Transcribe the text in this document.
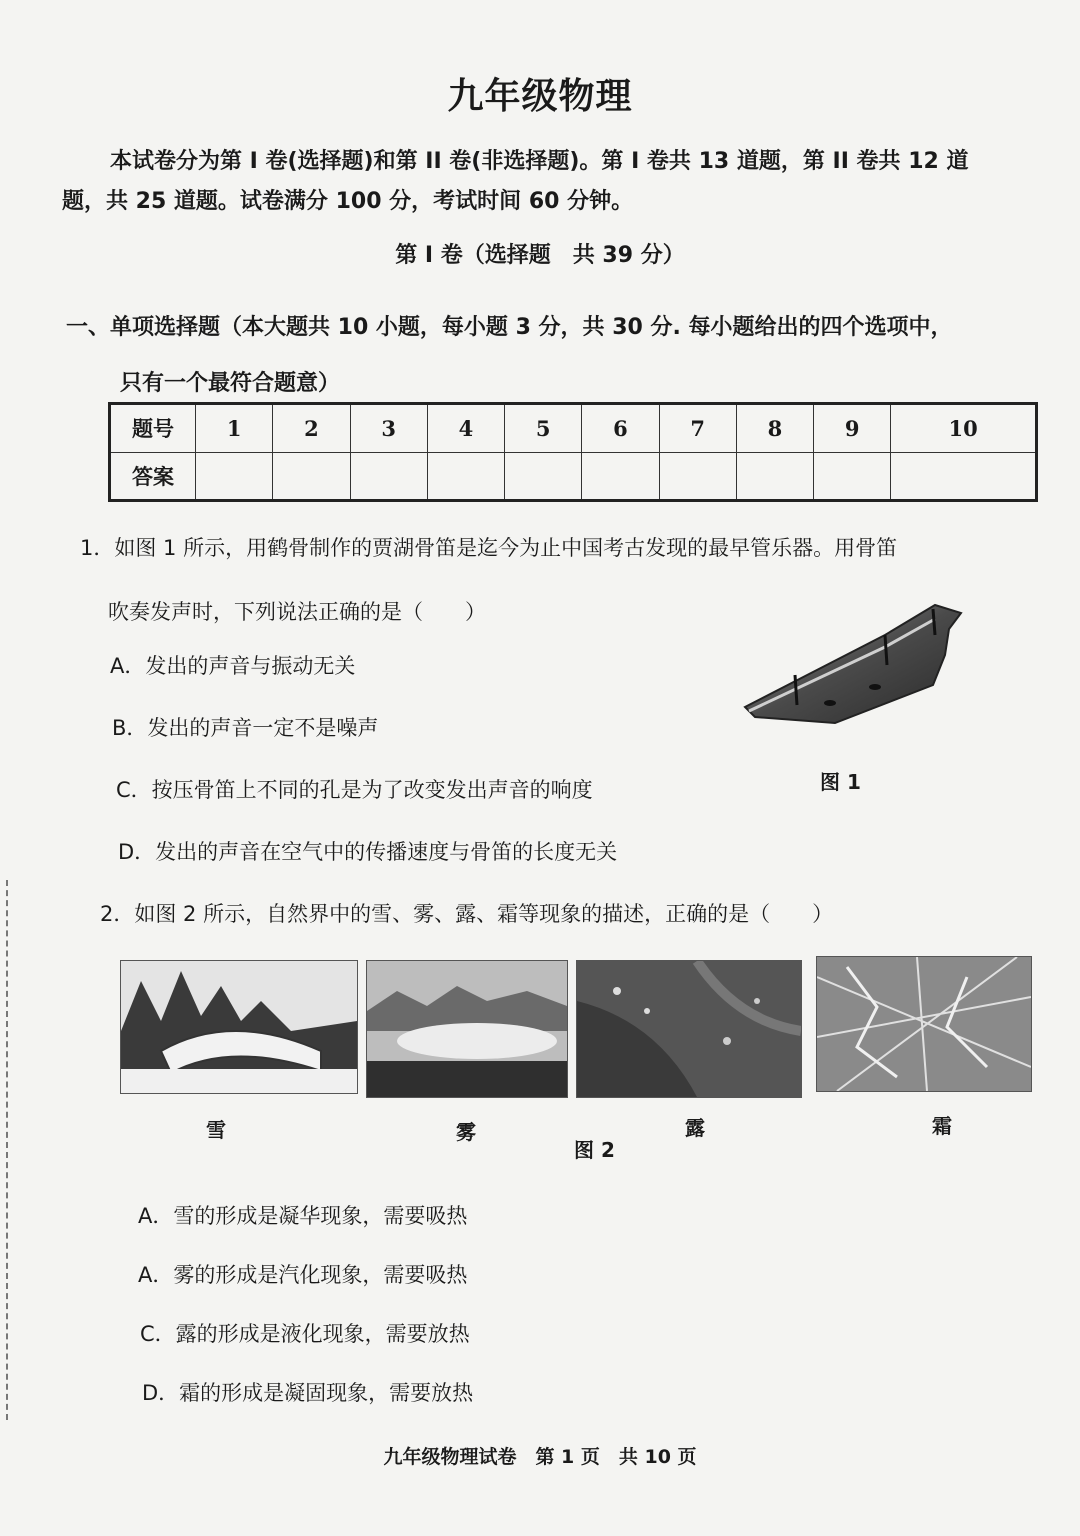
九年级物理

本试卷分为第 I 卷(选择题)和第 II 卷(非选择题)。第 I 卷共 13 道题，第 II 卷共 12 道

题，共 25 道题。试卷满分 100 分，考试时间 60 分钟。
第 I 卷（选择题　共 39 分）
一、单项选择题（本大题共 10 小题，每小题 3 分，共 30 分. 每小题给出的四个选项中，
只有一个最符合题意）
题号	1	2	3	4	5	6	7	8	9	10
答案										
1．如图 1 所示，用鹤骨制作的贾湖骨笛是迄今为止中国考古发现的最早管乐器。用骨笛
吹奏发声时，下列说法正确的是（　　）
A．发出的声音与振动无关
B．发出的声音一定不是噪声
C．按压骨笛上不同的孔是为了改变发出声音的响度
D．发出的声音在空气中的传播速度与骨笛的长度无关
图 1
2．如图 2 所示，自然界中的雪、雾、露、霜等现象的描述，正确的是（　　）
雪	雾	露	霜
图 2
A．雪的形成是凝华现象，需要吸热
A．雾的形成是汽化现象，需要吸热
C．露的形成是液化现象，需要放热
D．霜的形成是凝固现象，需要放热
九年级物理试卷　第 1 页　共 10 页
